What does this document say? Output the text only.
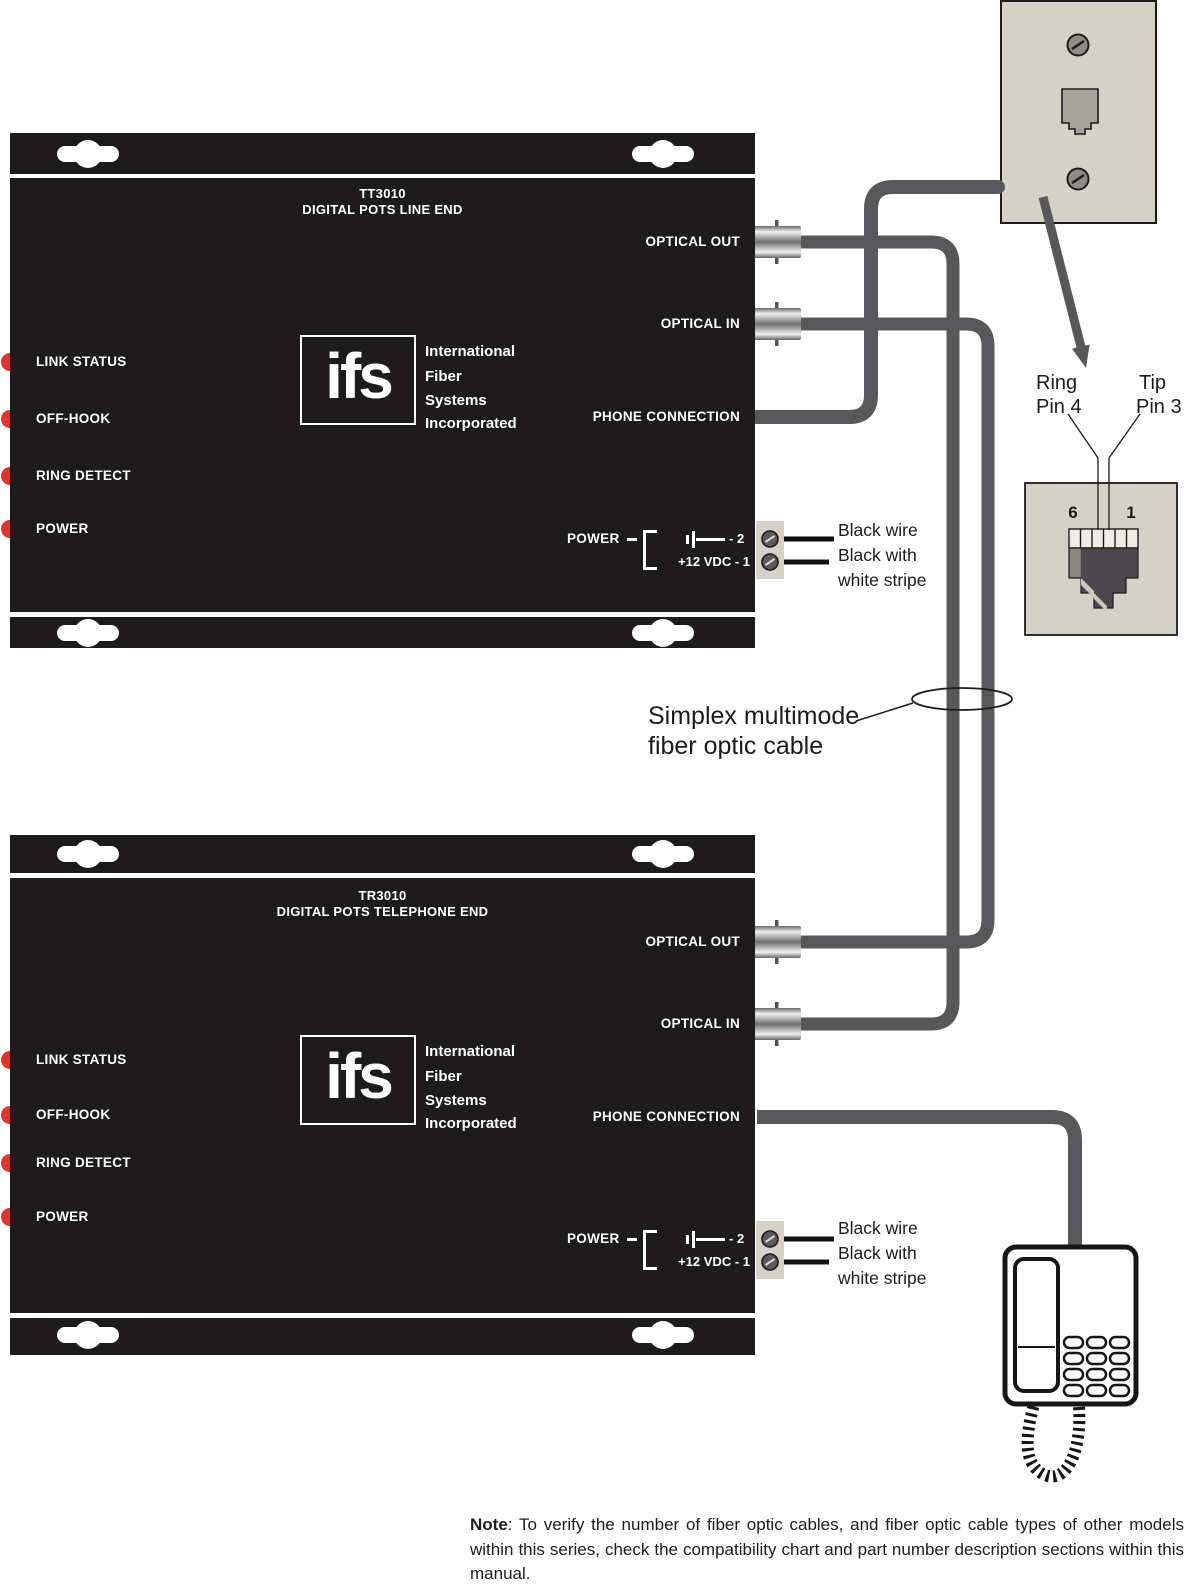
TT3010
DIGITAL POTS LINE END
LINK STATUS
OFF-HOOK
RING DETECT
POWER
ifs	International
Fiber
Systems
Incorporated
OPTICAL OUT
OPTICAL IN
PHONE CONNECTION
POWER	- 2
+12 VDC - 1
TR3010
DIGITAL POTS TELEPHONE END
LINK STATUS
OFF-HOOK
RING DETECT
POWER
ifs	International
Fiber
Systems
Incorporated
OPTICAL OUT
OPTICAL IN
PHONE CONNECTION
POWER	- 2
+12 VDC - 1
Black wire
Black with
white stripe
Black wire
Black with
white stripe
Simplex multimode
fiber optic cable
Ring
Pin 4
Tip
Pin 3
6	1

Note: To verify the number of fiber optic cables, and fiber optic cable types of other models within this series, check the compatibility chart and part number description sections within this manual.
